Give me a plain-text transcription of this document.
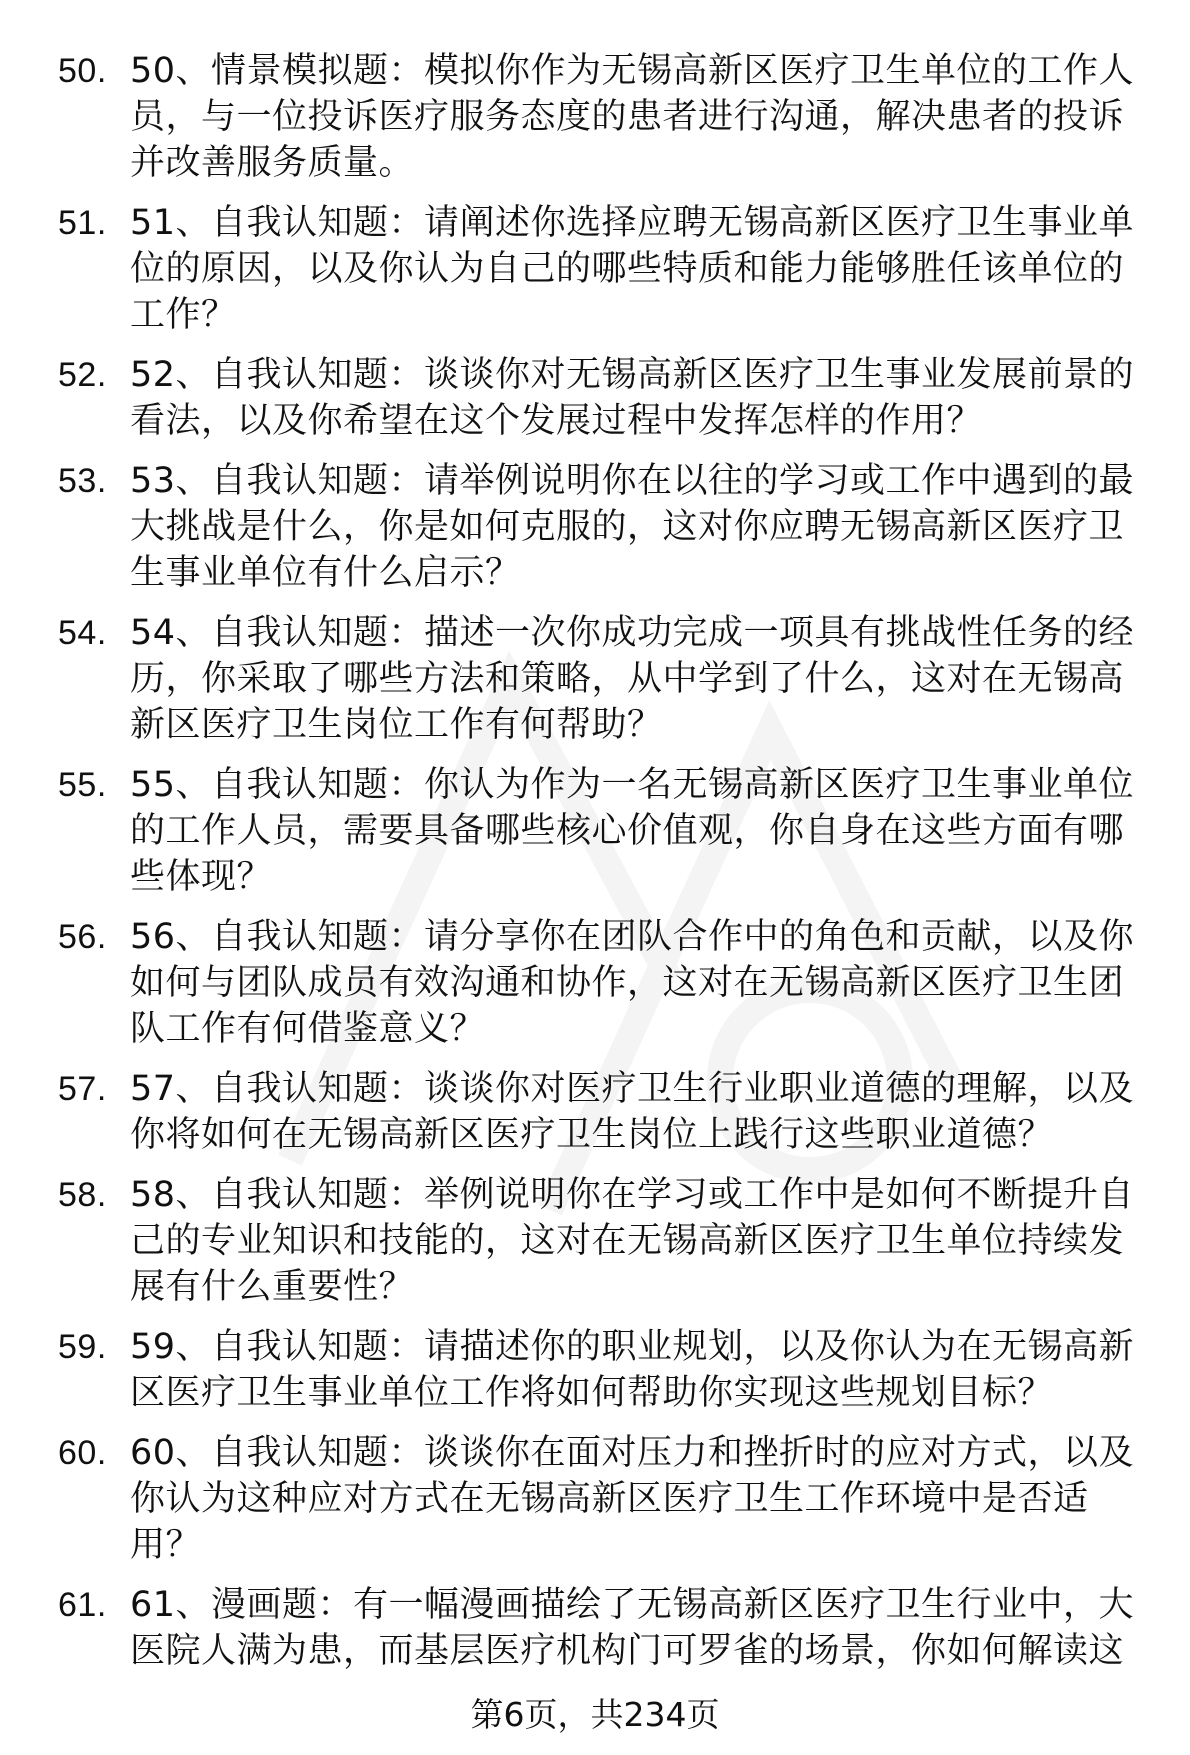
50. 50、情景模拟题：模拟你作为无锡高新区医疗卫生单位的工作人员，与一位投诉医疗服务态度的患者进行沟通，解决患者的投诉并改善服务质量。
51. 51、自我认知题：请阐述你选择应聘无锡高新区医疗卫生事业单位的原因，以及你认为自己的哪些特质和能力能够胜任该单位的工作？
52. 52、自我认知题：谈谈你对无锡高新区医疗卫生事业发展前景的看法，以及你希望在这个发展过程中发挥怎样的作用？
53. 53、自我认知题：请举例说明你在以往的学习或工作中遇到的最大挑战是什么，你是如何克服的，这对你应聘无锡高新区医疗卫生事业单位有什么启示？
54. 54、自我认知题：描述一次你成功完成一项具有挑战性任务的经历，你采取了哪些方法和策略，从中学到了什么，这对在无锡高新区医疗卫生岗位工作有何帮助？
55. 55、自我认知题：你认为作为一名无锡高新区医疗卫生事业单位的工作人员，需要具备哪些核心价值观，你自身在这些方面有哪些体现？
56. 56、自我认知题：请分享你在团队合作中的角色和贡献，以及你如何与团队成员有效沟通和协作，这对在无锡高新区医疗卫生团队工作有何借鉴意义？
57. 57、自我认知题：谈谈你对医疗卫生行业职业道德的理解，以及你将如何在无锡高新区医疗卫生岗位上践行这些职业道德？
58. 58、自我认知题：举例说明你在学习或工作中是如何不断提升自己的专业知识和技能的，这对在无锡高新区医疗卫生单位持续发展有什么重要性？
59. 59、自我认知题：请描述你的职业规划，以及你认为在无锡高新区医疗卫生事业单位工作将如何帮助你实现这些规划目标？
60. 60、自我认知题：谈谈你在面对压力和挫折时的应对方式，以及你认为这种应对方式在无锡高新区医疗卫生工作环境中是否适用？
61. 61、漫画题：有一幅漫画描绘了无锡高新区医疗卫生行业中，大医院人满为患，而基层医疗机构门可罗雀的场景，你如何解读这
第6页，共234页
